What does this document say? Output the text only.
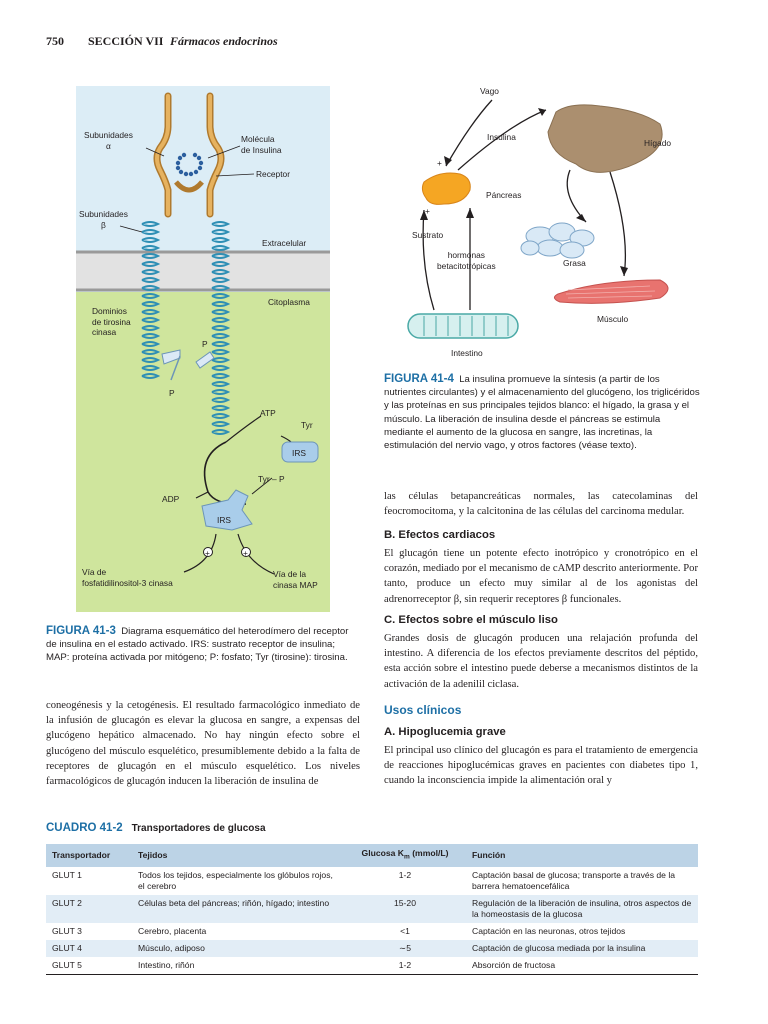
750 SECCIÓN VII Fármacos endocrinos
Subunidades
α
Molécula
de Insulina
Receptor
Subunidades
β
Extracelular
Citoplasma
Dominios
de tirosina
cinasa
P
P
ATP
Tyr
IRS
Tyr – P
ADP
IRS
+	+
Vía de
fosfatidilinositol-3 cinasa
Vía de la
cinasa MAP
FIGURA 41-3 Diagrama esquemático del heterodímero del receptor de insulina en el estado activado. IRS: sustrato receptor de insulina; MAP: proteína activada por mitógeno; P: fosfato; Tyr (tirosine): tirosina.
coneogénesis y la cetogénesis. El resultado farmacológico inmediato de la infusión de glucagón es elevar la glucosa en sangre, a expensas del glucógeno hepático almacenado. No hay ningún efecto sobre el glucógeno del músculo esquelético, presumiblemente debido a la falta de receptores de glucagón en el músculo esquelético. Los niveles farmacológicos de glucagón inducen la liberación de insulina de
Vago
Insulina
Hígado
+
Páncreas
+
Sustrato
hormonas
betacitotrópicas	Grasa
Músculo
Intestino
FIGURA 41-4 La insulina promueve la síntesis (a partir de los nutrientes circulantes) y el almacenamiento del glucógeno, los triglicéridos y las proteínas en sus principales tejidos blanco: el hígado, la grasa y el músculo. La liberación de insulina desde el páncreas se estimula mediante el aumento de la glucosa en sangre, las incretinas, la estimulación del nervio vago, y otros factores (véase texto).
las células betapancreáticas normales, las catecolaminas del feocromocitoma, y la calcitonina de las células del carcinoma medular.
B. Efectos cardiacos
El glucagón tiene un potente efecto inotrópico y cronotrópico en el corazón, mediado por el mecanismo de cAMP descrito anteriormente. Por tanto, produce un efecto muy similar al de los agonistas del adrenorreceptor β, sin requerir receptores β funcionales.
C. Efectos sobre el músculo liso
Grandes dosis de glucagón producen una relajación profunda del intestino. A diferencia de los efectos previamente descritos del péptido, esta acción sobre el intestino puede deberse a mecanismos distintos de la activación de la adenilil ciclasa.
Usos clínicos
A. Hipoglucemia grave
El principal uso clínico del glucagón es para el tratamiento de emergencia de reacciones hipoglucémicas graves en pacientes con diabetes tipo 1, cuando la inconsciencia impide la alimentación oral y
CUADRO 41-2 Transportadores de glucosa
Transportador	Tejidos	Glucosa $K_m$ (mmol/L)	Función
GLUT 1	Todos los tejidos, especialmente los glóbulos rojos, el cerebro	1-2	Captación basal de glucosa; transporte a través de la barrera hematoencefálica
GLUT 2	Células beta del páncreas; riñón, hígado; intestino	15-20	Regulación de la liberación de insulina, otros aspectos de la homeostasis de la glucosa
GLUT 3	Cerebro, placenta	<1	Captación en las neuronas, otros tejidos
GLUT 4	Músculo, adiposo	∼5	Captación de glucosa mediada por la insulina
GLUT 5	Intestino, riñón	1-2	Absorción de fructosa
